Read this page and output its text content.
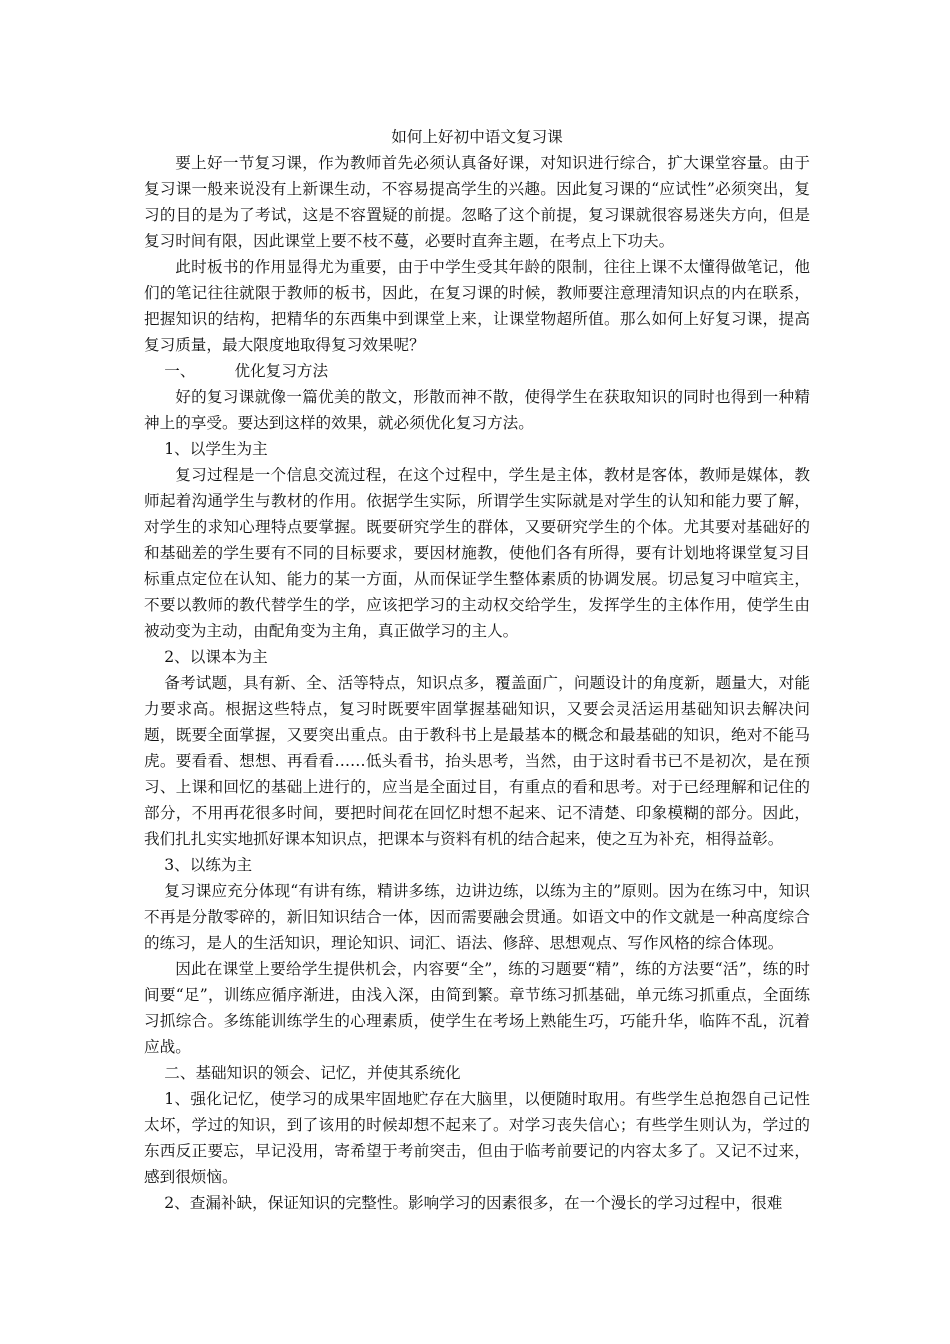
如何上好初中语文复习课

要上好一节复习课，作为教师首先必须认真备好课，对知识进行综合，扩大课堂容量。由于复习课一般来说没有上新课生动，不容易提高学生的兴趣。因此复习课的“应试性”必须突出，复习的目的是为了考试，这是不容置疑的前提。忽略了这个前提，复习课就很容易迷失方向，但是复习时间有限，因此课堂上要不枝不蔓，必要时直奔主题，在考点上下功夫。

此时板书的作用显得尤为重要，由于中学生受其年龄的限制，往往上课不太懂得做笔记，他们的笔记往往就限于教师的板书，因此，在复习课的时候，教师要注意理清知识点的内在联系，把握知识的结构，把精华的东西集中到课堂上来，让课堂物超所值。那么如何上好复习课，提高复习质量，最大限度地取得复习效果呢？

一、	优化复习方法

好的复习课就像一篇优美的散文，形散而神不散，使得学生在获取知识的同时也得到一种精神上的享受。要达到这样的效果，就必须优化复习方法。

1、以学生为主

复习过程是一个信息交流过程，在这个过程中，学生是主体，教材是客体，教师是媒体，教师起着沟通学生与教材的作用。依据学生实际，所谓学生实际就是对学生的认知和能力要了解，对学生的求知心理特点要掌握。既要研究学生的群体，又要研究学生的个体。尤其要对基础好的和基础差的学生要有不同的目标要求，要因材施教，使他们各有所得，要有计划地将课堂复习目标重点定位在认知、能力的某一方面，从而保证学生整体素质的协调发展。切忌复习中喧宾主，不要以教师的教代替学生的学，应该把学习的主动权交给学生，发挥学生的主体作用，使学生由被动变为主动，由配角变为主角，真正做学习的主人。

2、以课本为主

备考试题，具有新、全、活等特点，知识点多，覆盖面广，问题设计的角度新，题量大，对能力要求高。根据这些特点，复习时既要牢固掌握基础知识，又要会灵活运用基础知识去解决问题，既要全面掌握，又要突出重点。由于教科书上是最基本的概念和最基础的知识，绝对不能马虎。要看看、想想、再看看……低头看书，抬头思考，当然，由于这时看书已不是初次，是在预习、上课和回忆的基础上进行的，应当是全面过目，有重点的看和思考。对于已经理解和记住的部分，不用再花很多时间，要把时间花在回忆时想不起来、记不清楚、印象模糊的部分。因此，我们扎扎实实地抓好课本知识点，把课本与资料有机的结合起来，使之互为补充，相得益彰。

3、以练为主

复习课应充分体现“有讲有练，精讲多练，边讲边练，以练为主的”原则。因为在练习中，知识不再是分散零碎的，新旧知识结合一体，因而需要融会贯通。如语文中的作文就是一种高度综合的练习，是人的生活知识，理论知识、词汇、语法、修辞、思想观点、写作风格的综合体现。

因此在课堂上要给学生提供机会，内容要“全”，练的习题要“精”，练的方法要“活”，练的时间要“足”，训练应循序渐进，由浅入深，由简到繁。章节练习抓基础，单元练习抓重点，全面练习抓综合。多练能训练学生的心理素质，使学生在考场上熟能生巧，巧能升华，临阵不乱，沉着应战。

二、基础知识的领会、记忆，并使其系统化

1、强化记忆，使学习的成果牢固地贮存在大脑里，以便随时取用。有些学生总抱怨自己记性太坏，学过的知识，到了该用的时候却想不起来了。对学习丧失信心；有些学生则认为，学过的东西反正要忘，早记没用，寄希望于考前突击，但由于临考前要记的内容太多了。又记不过来，感到很烦恼。

2、查漏补缺，保证知识的完整性。影响学习的因素很多，在一个漫长的学习过程中，很难
